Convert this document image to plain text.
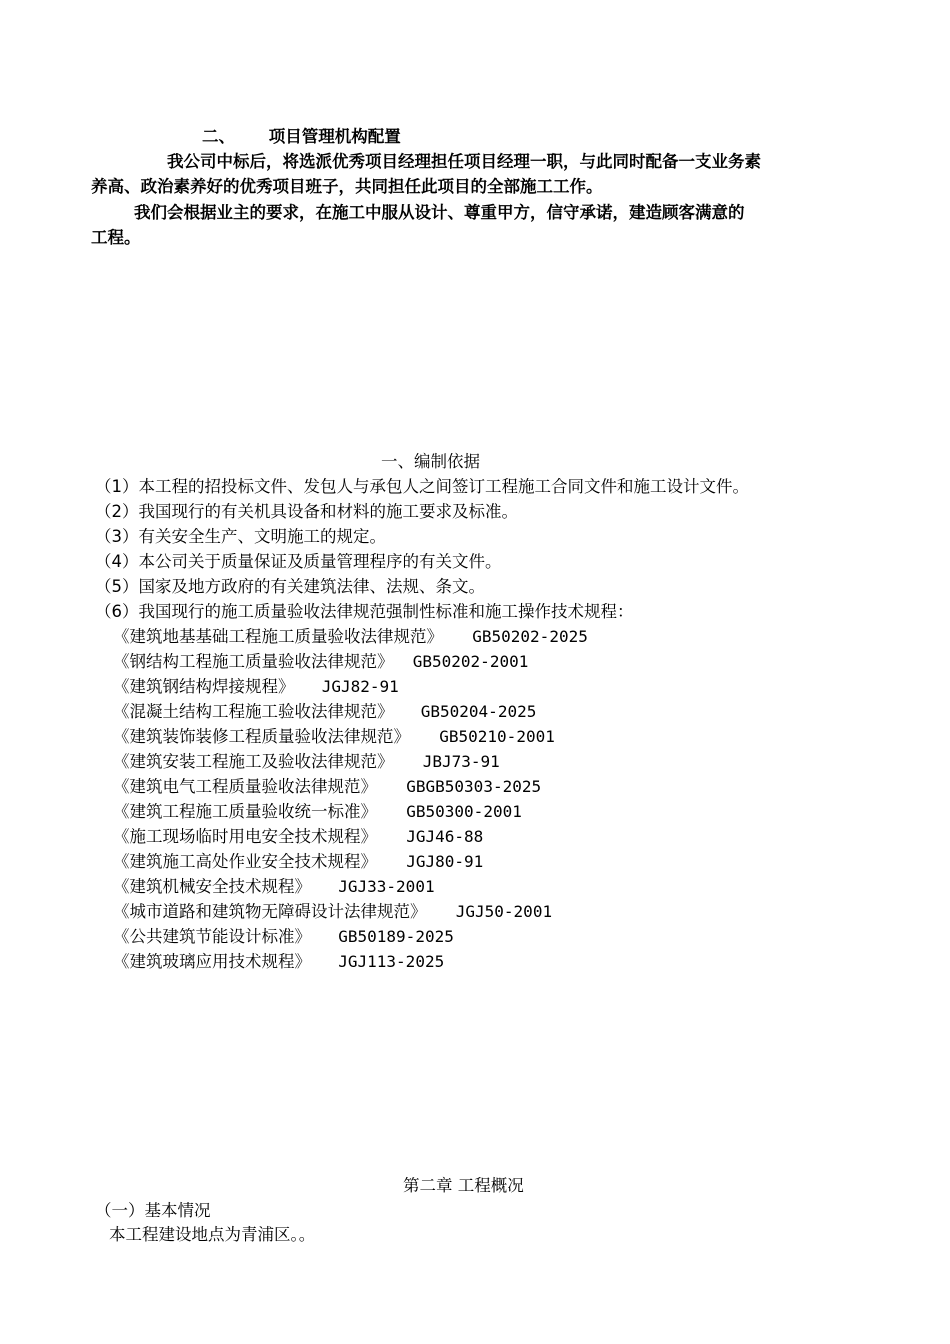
二、 项目管理机构配置

我公司中标后，将选派优秀项目经理担任项目经理一职，与此同时配备一支业务素

养高、政治素养好的优秀项目班子，共同担任此项目的全部施工工作。

我们会根据业主的要求，在施工中服从设计、尊重甲方，信守承诺，建造顾客满意的

工程。

一、编制依据

（1）本工程的招投标文件、发包人与承包人之间签订工程施工合同文件和施工设计文件。

（2）我国现行的有关机具设备和材料的施工要求及标准。

（3）有关安全生产、文明施工的规定。

（4）本公司关于质量保证及质量管理程序的有关文件。

（5）国家及地方政府的有关建筑法律、法规、条文。

（6）我国现行的施工质量验收法律规范强制性标准和施工操作技术规程：

《建筑地基基础工程施工质量验收法律规范》 GB50202-2025
《钢结构工程施工质量验收法律规范》 GB50202-2001
《建筑钢结构焊接规程》 JGJ82-91
《混凝土结构工程施工验收法律规范》 GB50204-2025
《建筑装饰装修工程质量验收法律规范》 GB50210-2001
《建筑安装工程施工及验收法律规范》 JBJ73-91
《建筑电气工程质量验收法律规范》 GBGB50303-2025
《建筑工程施工质量验收统一标准》 GB50300-2001
《施工现场临时用电安全技术规程》 JGJ46-88
《建筑施工高处作业安全技术规程》 JGJ80-91
《建筑机械安全技术规程》 JGJ33-2001
《城市道路和建筑物无障碍设计法律规范》 JGJ50-2001
《公共建筑节能设计标准》 GB50189-2025
《建筑玻璃应用技术规程》 JGJ113-2025

第二章 工程概况

（一）基本情况

本工程建设地点为青浦区。。
